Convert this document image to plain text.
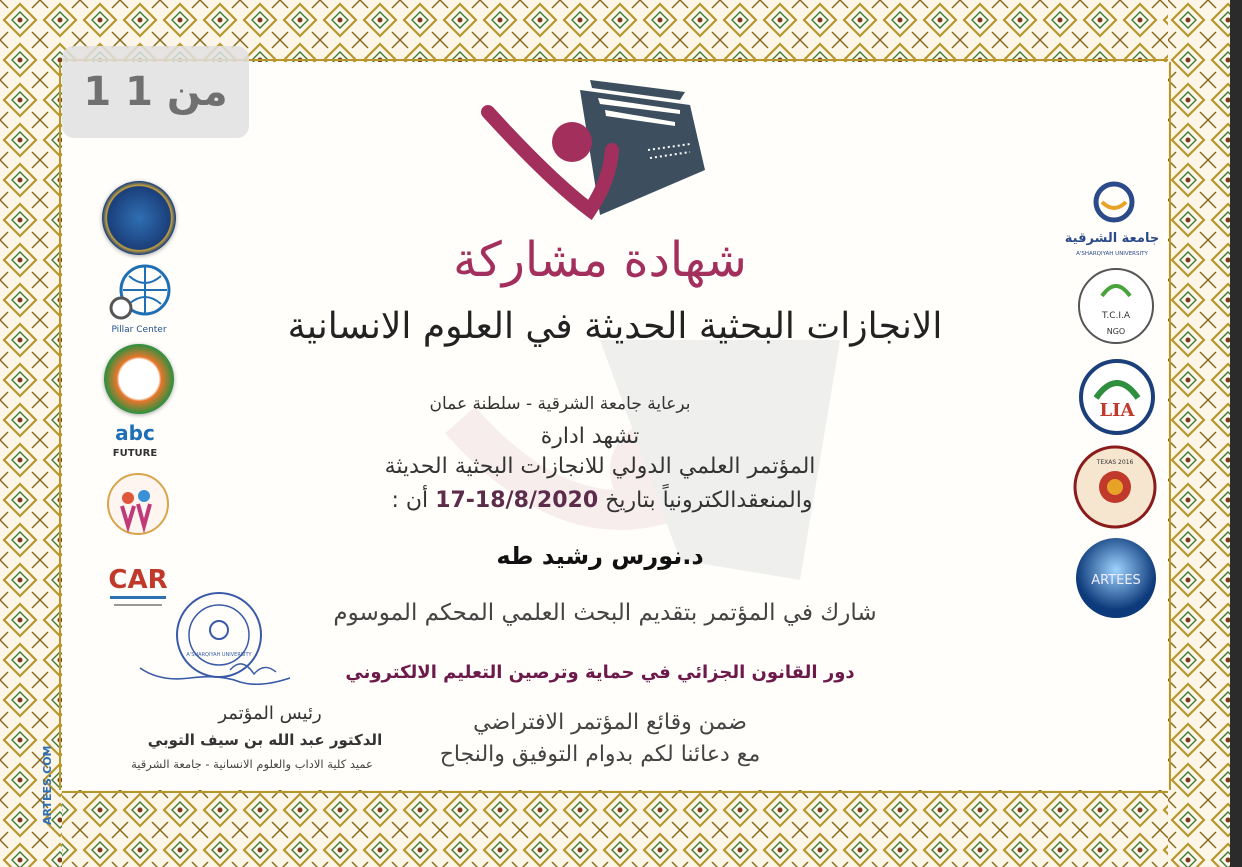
1 من 1
Pillar Center
abc
FUTURE
CAR
جامعة الشرقية
A'SHARQIYAH UNIVERSITY
T.C.I.A
NGO
LIA
TEXAS 2016
ARTEES
شهادة مشاركة
الانجازات البحثية الحديثة في العلوم الانسانية
برعاية جامعة الشرقية - سلطنة عمان
تشهد ادارة
المؤتمر العلمي الدولي للانجازات البحثية الحديثة
والمنعقدالكترونياً بتاريخ 17-18/8/2020 أن :
د.نورس رشيد طه
شارك في المؤتمر بتقديم البحث العلمي المحكم الموسوم
دور القانون الجزائي في حماية وترصين التعليم الالكتروني
ضمن وقائع المؤتمر الافتراضي
مع دعائنا لكم بدوام التوفيق والنجاح
A'SHARQIYAH UNIVERSITY
رئيس المؤتمر
الدكتور عبد الله بن سيف التوبي
عميد كلية الاداب والعلوم الانسانية - جامعة الشرقية
ARTEES.COM
